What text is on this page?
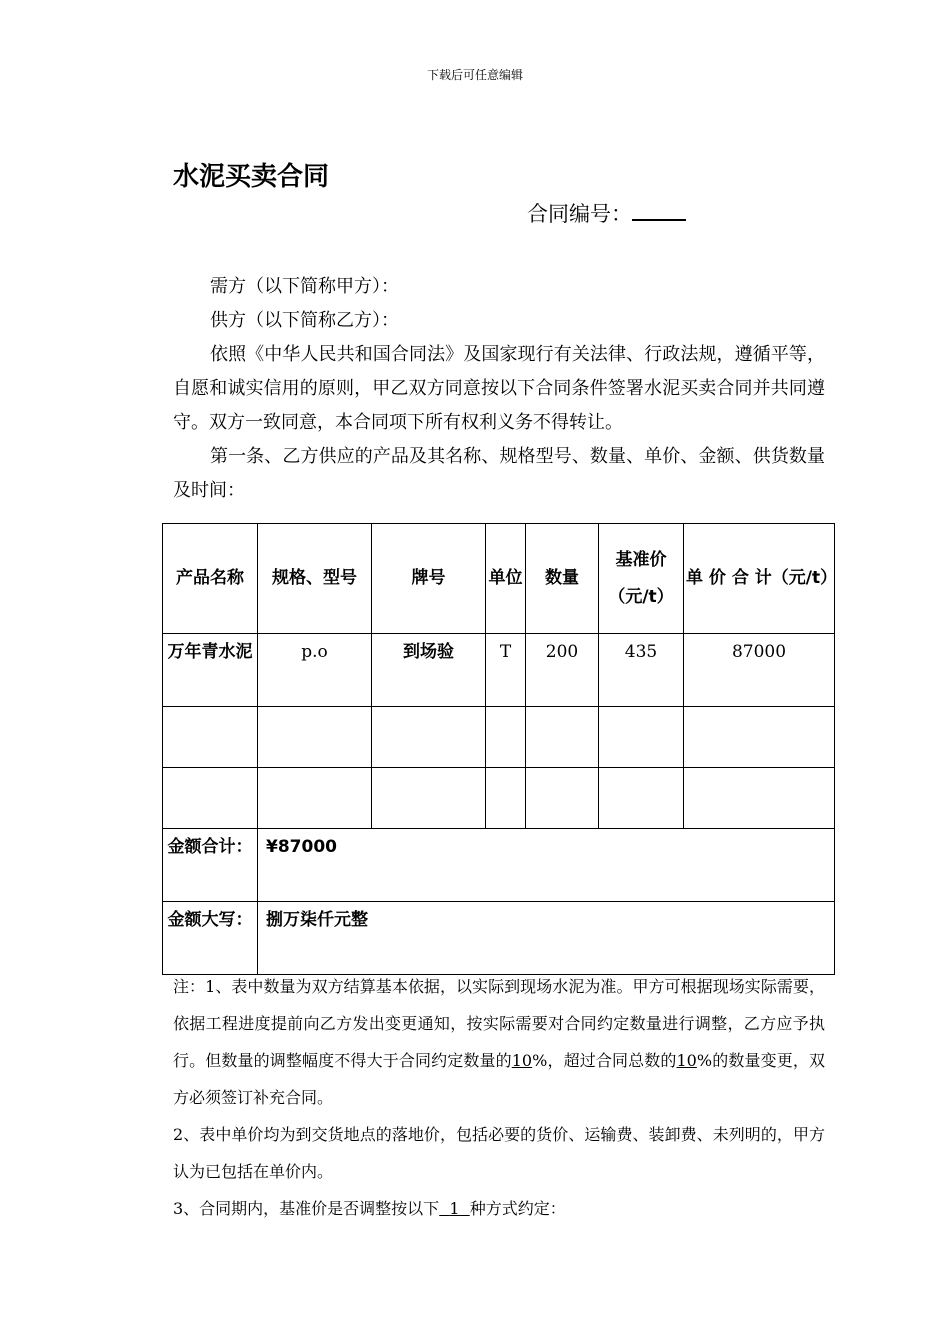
下载后可任意编辑
水泥买卖合同
合同编号：

需方（以下简称甲方）：

供方（以下简称乙方）：

依照《中华人民共和国合同法》及国家现行有关法律、行政法规，遵循平等，自愿和诚实信用的原则，甲乙双方同意按以下合同条件签署水泥买卖合同并共同遵守。双方一致同意，本合同项下所有权利义务不得转让。

第一条、乙方供应的产品及其名称、规格型号、数量、单价、金额、供货数量及时间：

产品名称	规格、型号	牌号	单位	数量	基准价（元/t）	单 价 合 计（元/t）
万年青水泥	p.o	到场验	T	200	435	87000

金额合计：	¥87000					
金额大写：	捌万柒仟元整					

注：1、表中数量为双方结算基本依据，以实际到现场水泥为准。甲方可根据现场实际需要，依据工程进度提前向乙方发出变更通知，按实际需要对合同约定数量进行调整，乙方应予执行。但数量的调整幅度不得大于合同约定数量的10%，超过合同总数的10%的数量变更，双方必须签订补充合同。

2、表中单价均为到交货地点的落地价，包括必要的货价、运输费、装卸费、未列明的，甲方认为已包括在单价内。

3、合同期内，基准价是否调整按以下 1 种方式约定：
